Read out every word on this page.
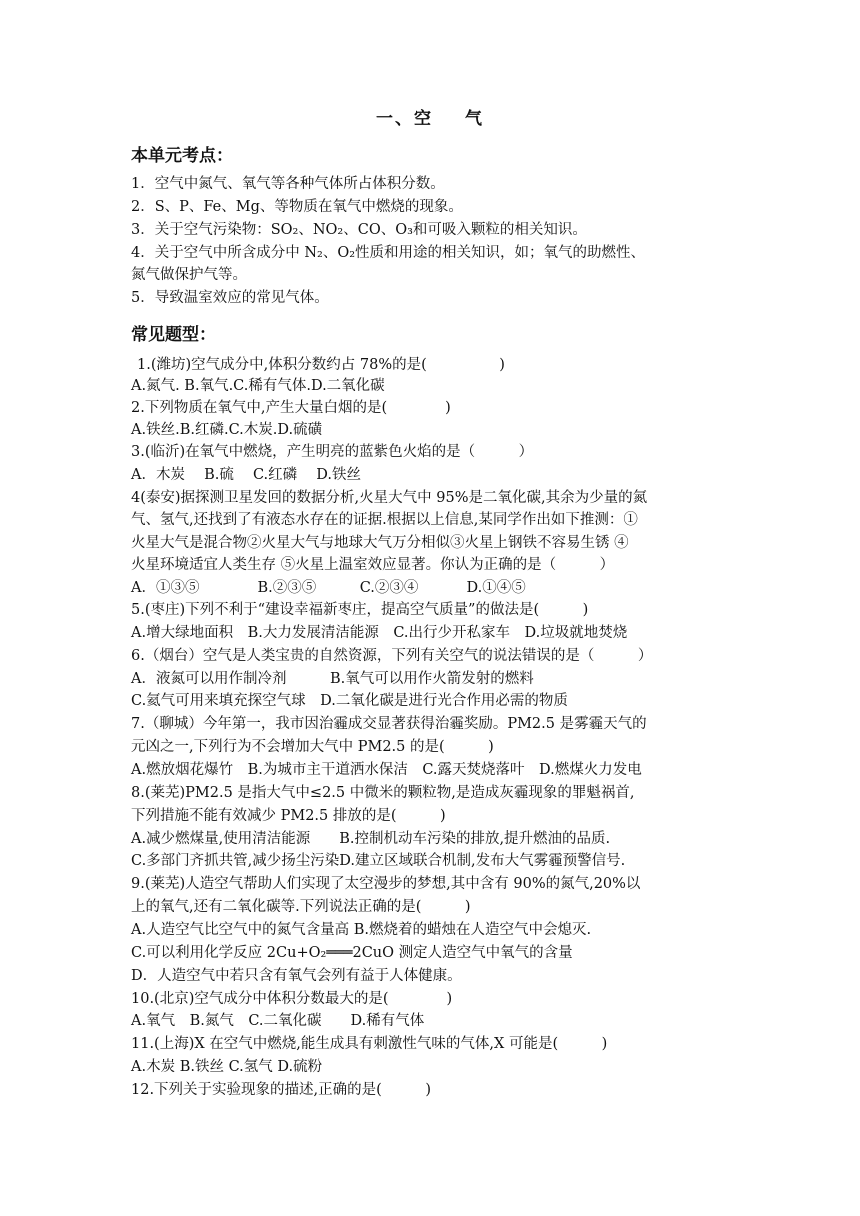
一、空 气
本单元考点：
1．空气中氮气、氧气等各种气体所占体积分数。
2．S、P、Fe、Mg、等物质在氧气中燃烧的现象。
3．关于空气污染物：SO₂、NO₂、CO、O₃和可吸入颗粒的相关知识。
4．关于空气中所含成分中 N₂、O₂性质和用途的相关知识，如；氧气的助燃性、
氮气做保护气等。
5．导致温室效应的常见气体。
常见题型：
1.(潍坊)空气成分中,体积分数约占 78%的是(　　　　　)
A.氮气. B.氧气.C.稀有气体.D.二氧化碳
2.下列物质在氧气中,产生大量白烟的是(　　　　)
A.铁丝.B.红磷.C.木炭.D.硫磺
3.(临沂)在氧气中燃烧，产生明亮的蓝紫色火焰的是（　　　）
A．木炭　 B.硫　 C.红磷　 D.铁丝
4(泰安)据探测卫星发回的数据分析,火星大气中 95%是二氧化碳,其余为少量的氮
气、氢气,还找到了有液态水存在的证据.根据以上信息,某同学作出如下推测：①
火星大气是混合物②火星大气与地球大气万分相似③火星上钢铁不容易生锈 ④
火星环境适宜人类生存 ⑤火星上温室效应显著。你认为正确的是（　　　）
A．①③⑤　　　　B.②③⑤　　　C.②③④　　　 D.①④⑤
5.(枣庄)下列不利于“建设幸福新枣庄，提高空气质量”的做法是(　　　)
A.增大绿地面积　B.大力发展清洁能源　C.出行少开私家车　D.垃圾就地焚烧
6.（烟台）空气是人类宝贵的自然资源，下列有关空气的说法错误的是（　　　）
A．液氮可以用作制冷剂　　　B.氧气可以用作火箭发射的燃料
C.氦气可用来填充探空气球　D.二氧化碳是进行光合作用必需的物质
7.（聊城）今年第一，我市因治霾成交显著获得治霾奖励。PM2.5 是雾霾天气的
元凶之一,下列行为不会增加大气中 PM2.5 的是(　　　)
A.燃放烟花爆竹　B.为城市主干道洒水保洁　C.露天焚烧落叶　D.燃煤火力发电
8.(莱芜)PM2.5 是指大气中≤2.5 中微米的颗粒物,是造成灰霾现象的罪魁祸首,
下列措施不能有效减少 PM2.5 排放的是(　　　)
A.减少燃煤量,使用清洁能源　　B.控制机动车污染的排放,提升燃油的品质.
C.多部门齐抓共管,减少扬尘污染D.建立区域联合机制,发布大气雾霾预警信号.
9.(莱芜)人造空气帮助人们实现了太空漫步的梦想,其中含有 90%的氮气,20%以
上的氧气,还有二氧化碳等.下列说法正确的是(　　　)
A.人造空气比空气中的氮气含量高 B.燃烧着的蜡烛在人造空气中会熄灭.
C.可以利用化学反应 2Cu+O₂═══2CuO 测定人造空气中氧气的含量
D．人造空气中若只含有氧气会列有益于人体健康。
10.(北京)空气成分中体积分数最大的是(　　　　)
A.氧气　B.氮气　C.二氧化碳　　D.稀有气体
11.(上海)X 在空气中燃烧,能生成具有刺激性气味的气体,X 可能是(　　　)
A.木炭 B.铁丝 C.氢气 D.硫粉
12.下列关于实验现象的描述,正确的是(　　　)
